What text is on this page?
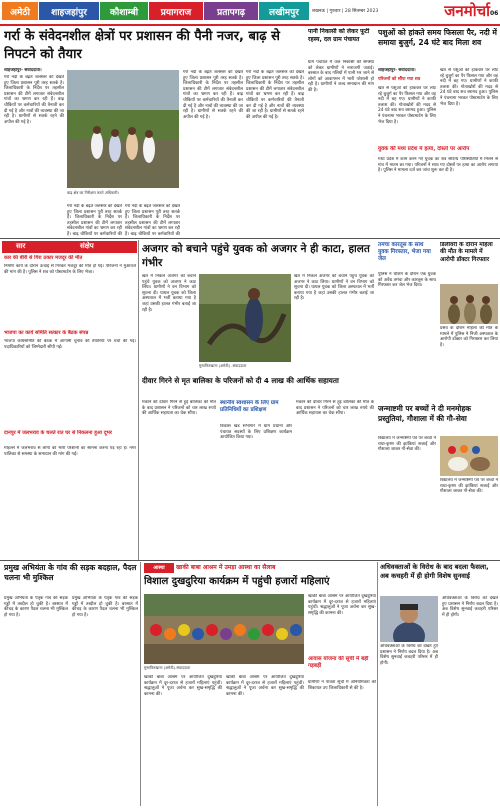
अमेठी	शाहजहांपुर	कौशाम्बी	प्रयागराज	प्रतापगढ़	लखीमपुर	लखनऊ | गुरुवार | 28 सितम्बर 2023	जनमोर्चा 06
गर्रा के संवेदनशील क्षेत्रों पर प्रशासन की पैनी नजर, बाढ़ से निपटने को तैयार
शाहजहांपुर- संवाददाता।
गर्रा नदी के बढ़ते जलस्तर को देखते हुए जिला प्रशासन पूरी तरह सतर्क है। जिलाधिकारी के निर्देश पर तहसील प्रशासन की टीमें लगातार संवेदनशील गांवों का भ्रमण कर रही हैं। बाढ़ चौकियों पर कर्मचारियों की तैनाती कर दी गई है और नावों की व्यवस्था की जा रही है। ग्रामीणों से सतर्क रहने की अपील की गई है।
बाढ़ क्षेत्र का निरीक्षण करते अधिकारी।
गर्रा नदी के बढ़ते जलस्तर को देखते हुए जिला प्रशासन पूरी तरह सतर्क है। जिलाधिकारी के निर्देश पर तहसील प्रशासन की टीमें लगातार संवेदनशील गांवों का भ्रमण कर रही हैं। बाढ़ चौकियों पर कर्मचारियों की
गर्रा नदी के बढ़ते जलस्तर को देखते हुए जिला प्रशासन पूरी तरह सतर्क है। जिलाधिकारी के निर्देश पर तहसील प्रशासन की टीमें लगातार संवेदनशील गांवों का भ्रमण कर रही हैं। बाढ़ चौकियों पर कर्मचारियों की
गर्रा नदी के बढ़ते जलस्तर को देखते हुए जिला प्रशासन पूरी तरह सतर्क है। जिलाधिकारी के निर्देश पर तहसील प्रशासन की टीमें लगातार संवेदनशील गांवों का भ्रमण कर रही हैं। बाढ़ चौकियों पर कर्मचारियों की तैनाती कर दी गई है और नावों की व्यवस्था की जा रही है। ग्रामीणों से सतर्क रहने की अपील की गई है।
गर्रा नदी के बढ़ते जलस्तर को देखते हुए जिला प्रशासन पूरी तरह सतर्क है। जिलाधिकारी के निर्देश पर तहसील प्रशासन की टीमें लगातार संवेदनशील गांवों का भ्रमण कर रही हैं। बाढ़ चौकियों पर कर्मचारियों की तैनाती कर दी गई है और नावों की व्यवस्था की जा रही है। ग्रामीणों से सतर्क रहने की अपील की गई है।
पानी निकासी को लेकर फूटी रहस्य, दल ग्राम पंचायत
ग्राम पंचायत में जल निकासी की समस्या को लेकर ग्रामीणों ने नाराजगी जताई। बरसात के बाद गलियों में पानी भर जाने से लोगों को आवागमन में भारी परेशानी हो रही है। ग्रामीणों ने जल्द समाधान की मांग की है।
पशुओं को हांकते समय फिसला पैर, नदी में समाया बुजुर्ग, 24 घंटे बाद मिला शव
शाहजहांपुर- संवाददाता।
परिजनों को सौंपा गया शव
खेत से पशुओं को हांककर घर लौट रहे बुजुर्ग का पैर फिसल गया और वह नदी में बह गए। ग्रामीणों ने काफी तलाश की। गोताखोरों की मदद से 24 घंटे बाद शव बरामद हुआ। पुलिस ने पंचनामा भरकर पोस्टमार्टम के लिए भेज दिया है।
खेत से पशुओं को हांककर घर लौट रहे बुजुर्ग का पैर फिसल गया और वह नदी में बह गए। ग्रामीणों ने काफी तलाश की। गोताखोरों की मदद से 24 घंटे बाद शव बरामद हुआ। पुलिस ने पंचनामा भरकर पोस्टमार्टम के लिए भेज दिया है।
युवक की मध्य प्रदेश में हत्या, दोस्तों पर आरोप
मध्य प्रदेश में काम करने गए युवक का शव संदिग्ध परिस्थितियों में मिलने से गांव में मातम छा गया। परिजनों ने साथ गए दोस्तों पर हत्या का आरोप लगाया है। पुलिस ने मामला दर्ज कर जांच शुरू कर दी है।
सार	संक्षेप
कार की बीरी से गिरा ठकार मजदूर की मौत
निर्माण कार्य के दौरान ऊंचाई से गिरकर मजदूर की मौत हो गई। परिजनों ने मुआवजे की मांग की है। पुलिस ने शव को पोस्टमार्टम के लिए भेजा।
भाजपा का कार्य समिति सत्कार के बैठक संपन्न
भाजपा कार्यसमिति की बैठक में आगामी चुनाव की तैयारियों पर चर्चा की गई। पदाधिकारियों को जिम्मेदारी सौंपी गई।
दानपुर में जलभराव के चलते रात घर से निकलना हुआ दूभर
मोहल्ले में जलभराव से लोगों को भारी परेशानी का सामना करना पड़ रहा है। नगर पालिका से समस्या के समाधान की मांग की गई।
अजगर को बचाने पहुंचे युवक को अजगर ने ही काटा, हालत गंभीर
खेत में निकले अजगर को बचाने पहुंचे युवक को अजगर ने काट लिया। ग्रामीणों ने वन विभाग को सूचना दी। घायल युवक को जिला अस्पताल में भर्ती कराया गया है जहां उसकी हालत गंभीर बताई जा रही है।
मुसाफिरखाना (अमेठी) -संवाददाता
खेत में निकले अजगर को बचाने पहुंचे युवक को अजगर ने काट लिया। ग्रामीणों ने वन विभाग को सूचना दी। घायल युवक को जिला अस्पताल में भर्ती कराया गया है जहां उसकी हालत गंभीर बताई जा रही है।
दीवार गिरने से मृत बालिका के परिजनों को दी 4 लाख की आर्थिक सहायता
मकान की दीवार गिरने से हुई बालिका की मौत के बाद प्रशासन ने परिजनों को चार लाख रुपये की आर्थिक सहायता का चेक सौंपा।
स्थानीय स्वशासन के लिए ग्राम प्रतिनिधियों का प्रशिक्षण
विकास खंड सभागार में ग्राम प्रधानों और पंचायत सदस्यों के लिए प्रशिक्षण कार्यक्रम आयोजित किया गया।
मकान की दीवार गिरने से हुई बालिका की मौत के बाद प्रशासन ने परिजनों को चार लाख रुपये की आर्थिक सहायता का चेक सौंपा।
तमंचा कारतूस के साथ युवक गिरफ्तार, भेजा गया जेल
पुलिस ने चेकिंग के दौरान एक युवक को अवैध तमंचा और कारतूस के साथ गिरफ्तार कर जेल भेज दिया।
डिलीवरी के दौरान महिला की मौत के मामले में आरोपी डॉक्टर गिरफ्तार
प्रसव के दौरान महिला की मौत के मामले में पुलिस ने निजी अस्पताल के आरोपी डॉक्टर को गिरफ्तार कर लिया है।
जन्माष्टमी पर बच्चों ने दी मनमोहक प्रस्तुतियां, गौशाला में की गौ-सेवा
विद्यालय में जन्माष्टमी पर्व पर बच्चों ने राधा-कृष्ण की झांकियां सजाईं और गौशाला जाकर गौ-सेवा की।
विद्यालय में जन्माष्टमी पर्व पर बच्चों ने राधा-कृष्ण की झांकियां सजाईं और गौशाला जाकर गौ-सेवा की।
प्रमुख अभियंता के गांव की सड़क बदहाल, पैदल चलना भी मुश्किल
प्रमुख अभियंता के पैतृक गांव की सड़क गड्ढों में तब्दील हो चुकी है। बरसात में कीचड़ के कारण पैदल चलना भी मुश्किल हो गया है।
प्रमुख अभियंता के पैतृक गांव की सड़क गड्ढों में तब्दील हो चुकी है। बरसात में कीचड़ के कारण पैदल चलना भी मुश्किल हो गया है।
आस्था	खाकी बाबा आश्रम में उमड़ा आस्था का सैलाब
विशाल दुखदुरिया कार्यक्रम में पहुंची हजारों महिलाएं
मुसाफिरखाना (अमेठी)-संवाददाता
खाकी बाबा आश्रम पर आयोजित दुखदुरिया कार्यक्रम में दूर-दराज से हजारों महिलाएं पहुंचीं। श्रद्धालुओं ने पूजा अर्चना कर सुख-समृद्धि की कामना की।
खाकी बाबा आश्रम पर आयोजित दुखदुरिया कार्यक्रम में दूर-दराज से हजारों महिलाएं पहुंचीं। श्रद्धालुओं ने पूजा अर्चना कर सुख-समृद्धि की कामना की।
खाकी बाबा आश्रम पर आयोजित दुखदुरिया कार्यक्रम में दूर-दराज से हजारों महिलाएं पहुंचीं। श्रद्धालुओं ने पूजा अर्चना कर सुख-समृद्धि की कामना की।
आवास योजना की सूची में बड़ी गड़बड़ी
ग्रामीणों ने पात्रता सूची में अनियमितता की शिकायत उप जिलाधिकारी से की है।
अधिवक्ताओं के विरोध के बाद बदला फैसला, अब कचहरी में ही होगी विशेष सुनवाई
अधिवक्ताओं के विरोध को देखते हुए प्रशासन ने निर्णय बदल दिया है। अब विशेष सुनवाई कचहरी परिसर में ही होगी।
अधिवक्ताओं के विरोध को देखते हुए प्रशासन ने निर्णय बदल दिया है। अब विशेष सुनवाई कचहरी परिसर में ही होगी।
